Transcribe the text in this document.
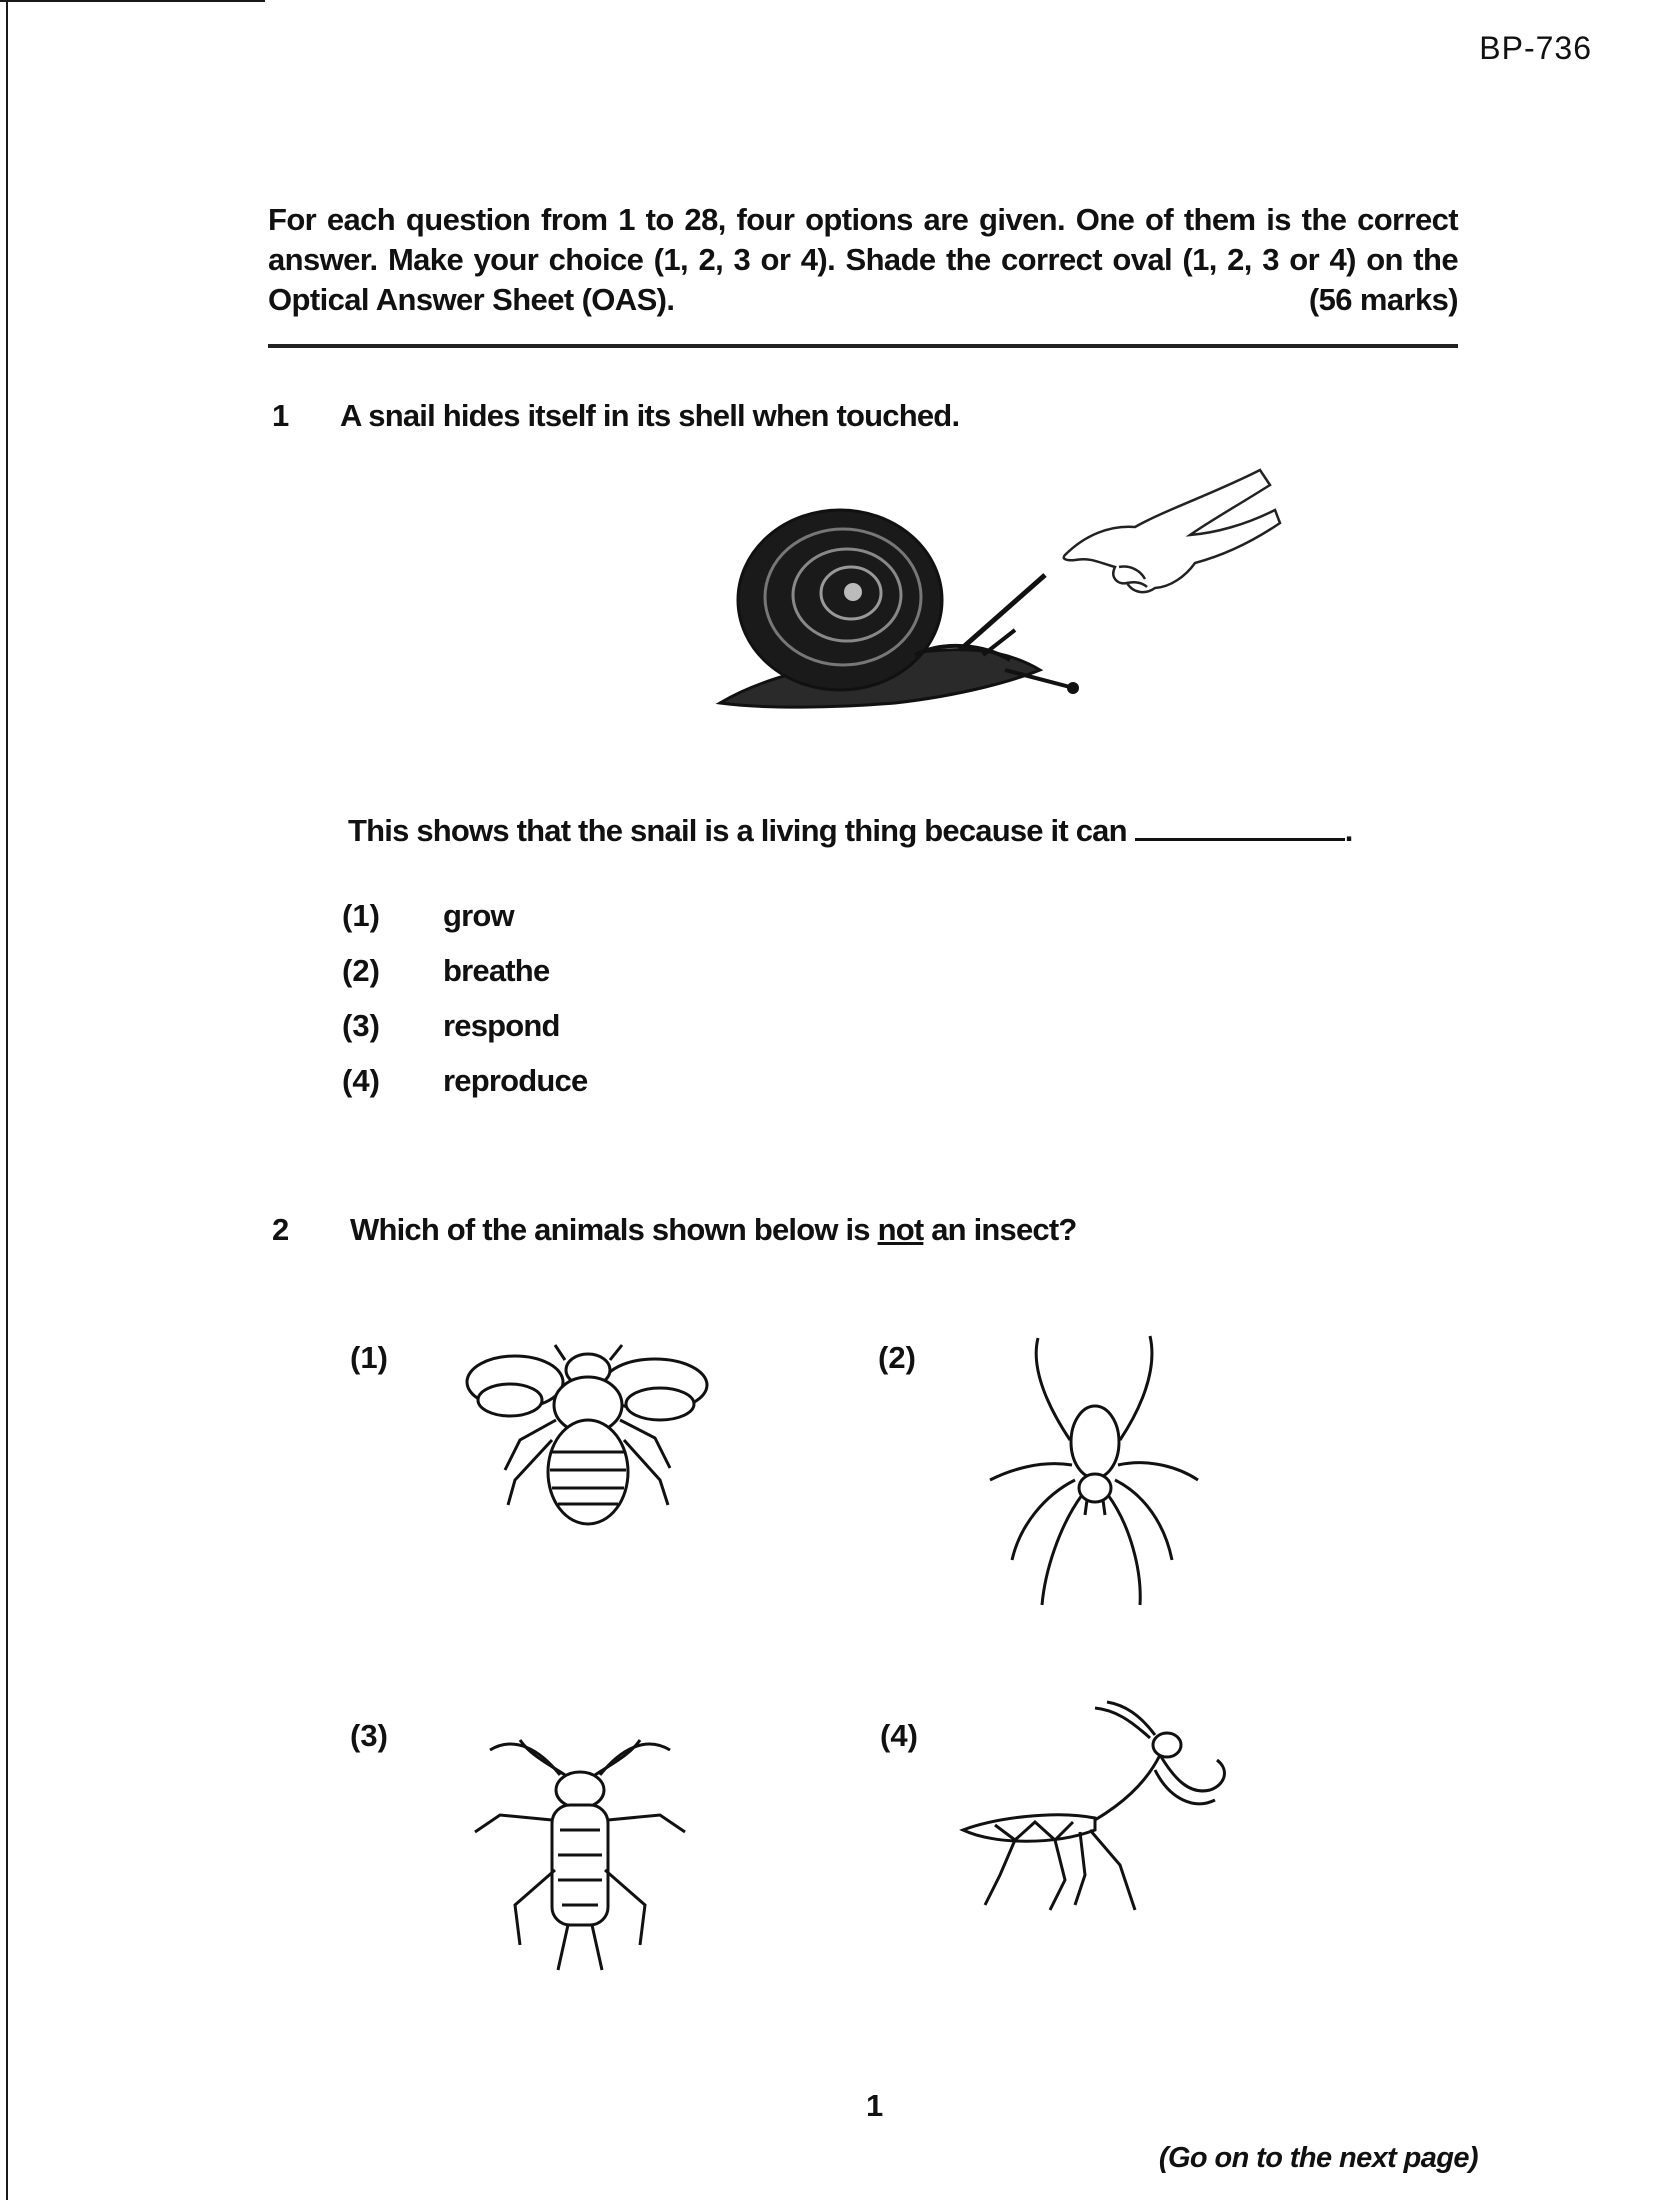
BP-736
For each question from 1 to 28, four options are given. One of them is the correct
answer. Make your choice (1, 2, 3 or 4). Shade the correct oval (1, 2, 3 or 4) on the
Optical Answer Sheet (OAS).	(56 marks)
1 A snail hides itself in its shell when touched.
This shows that the snail is a living thing because it can	.
(1) grow
(2) breathe
(3) respond
(4) reproduce
2 Which of the animals shown below is not an insect?
(1)	(2)
(3)	(4)
1
(Go on to the next page)
